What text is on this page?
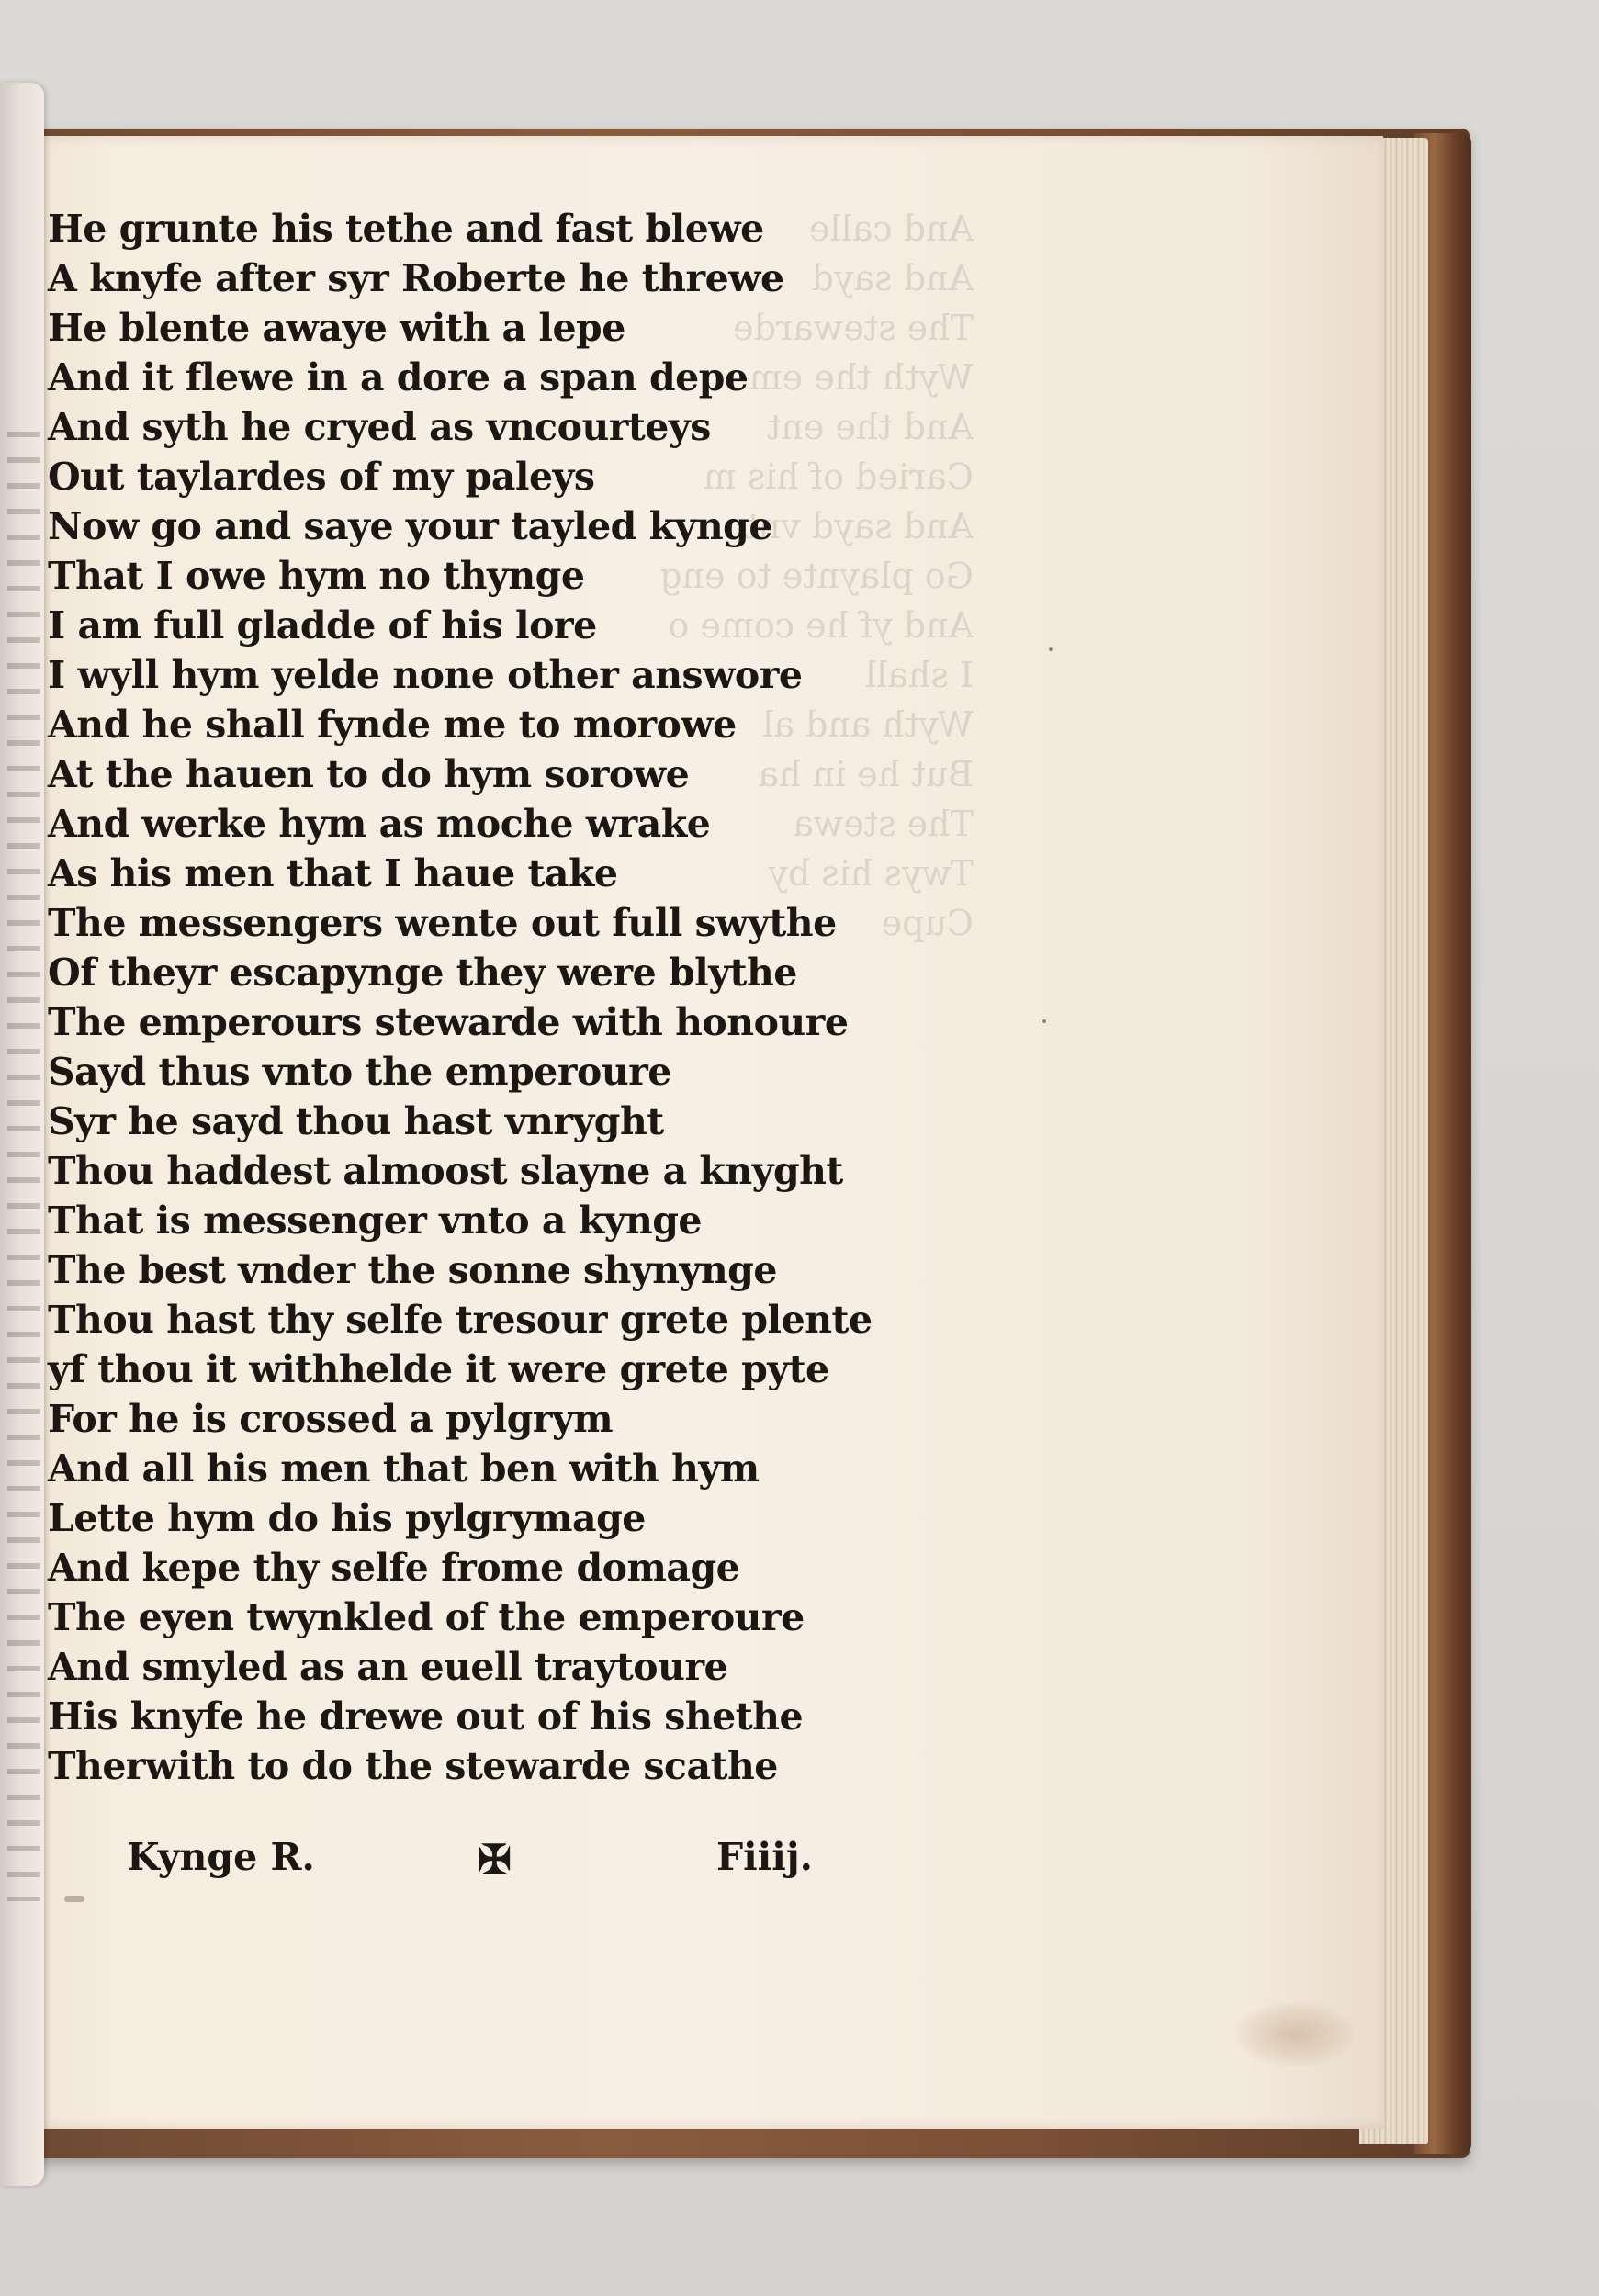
And calle
And sayd
The stewarde
Wyth the em
And the ent
Caried of his m
And sayd vnto
Go playnte to eng
And yf he come o
I shall
Wyth and al
But he in ha
The stewa
Twys his by
Cupe
He grunte his tethe and fast blewe
A knyfe after syr Roberte he threwe
He blente awaye with a lepe
And it flewe in a dore a span depe
And syth he cryed as vncourteys
Out taylardes of my paleys
Now go and saye your tayled kynge
That I owe hym no thynge
I am full gladde of his lore
I wyll hym yelde none other answore
And he shall fynde me to morowe
At the hauen to do hym sorowe
And werke hym as moche wrake
As his men that I haue take
The messengers wente out full swythe
Of theyr escapynge they were blythe
The emperours stewarde with honoure
Sayd thus vnto the emperoure
Syr he sayd thou hast vnryght
Thou haddest almoost slayne a knyght
That is messenger vnto a kynge
The best vnder the sonne shynynge
Thou hast thy selfe tresour grete plente
yf thou it withhelde it were grete pyte
For he is crossed a pylgrym
And all his men that ben with hym
Lette hym do his pylgrymage
And kepe thy selfe frome domage
The eyen twynkled of the emperoure
And smyled as an euell traytoure
His knyfe he drewe out of his shethe
Therwith to do the stewarde scathe
Kynge R.	✠	Fiiij.
